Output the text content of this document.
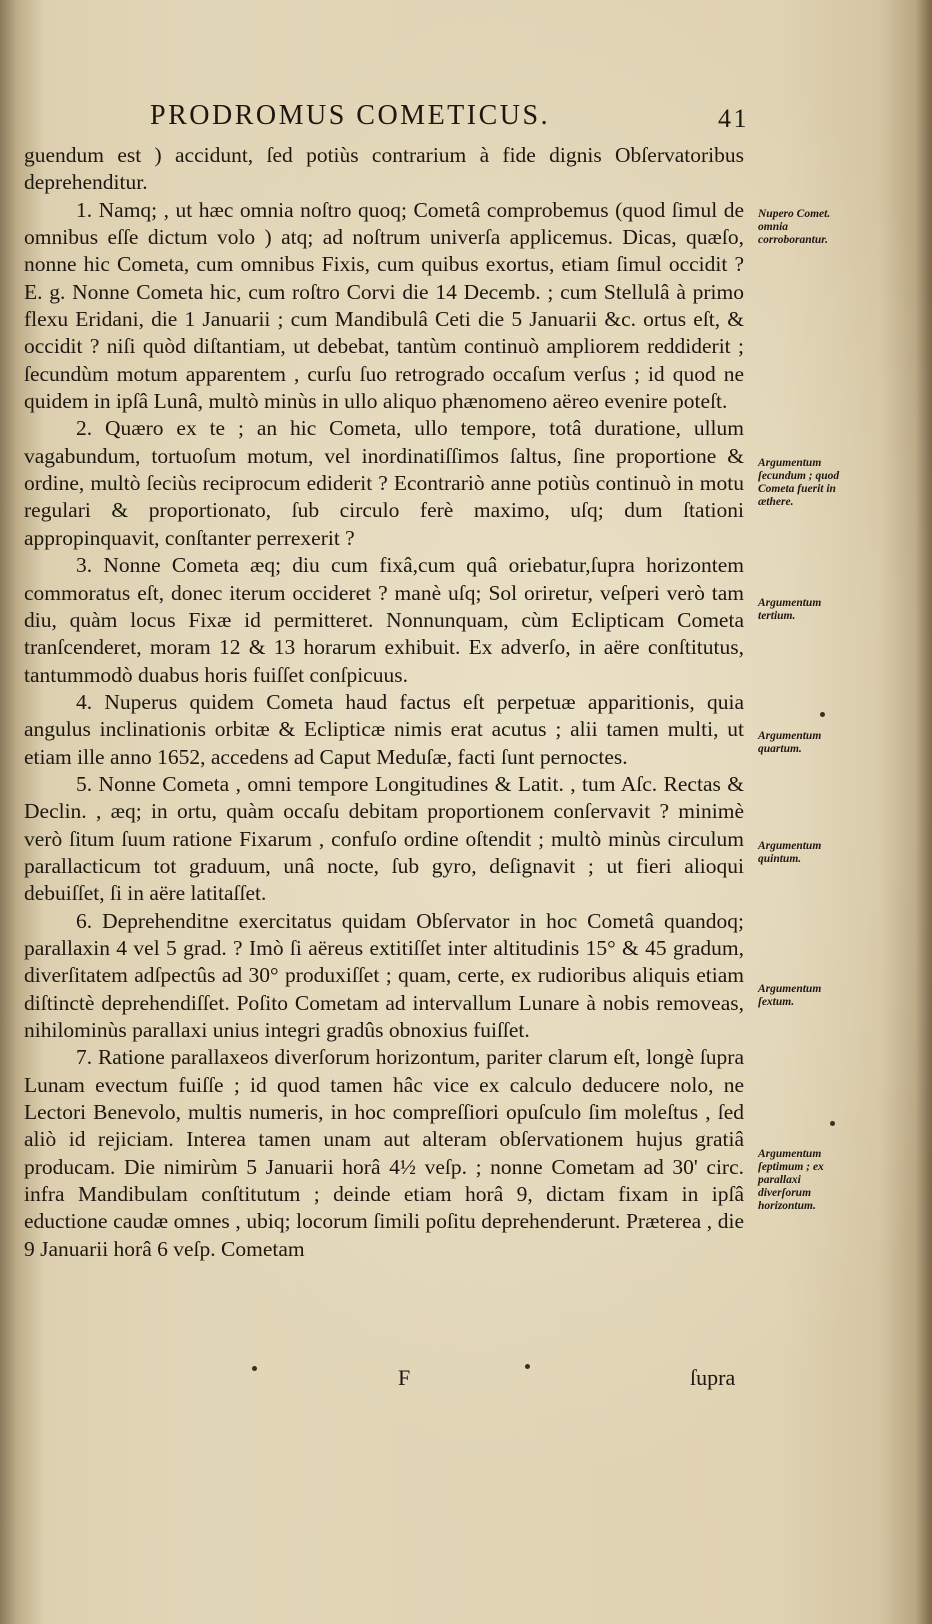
PRODROMUS COMETICUS.	41

guendum est ) accidunt, ſed potiùs contrarium à fide dignis Obſervatoribus deprehenditur.

1. Namq; , ut hæc omnia noſtro quoq; Cometâ comprobemus (quod ſimul de omnibus eſſe dictum volo ) atq; ad noſtrum univerſa applicemus. Dicas, quæſo, nonne hic Cometa, cum omnibus Fixis, cum quibus exortus, etiam ſimul occidit ? E. g. Nonne Cometa hic, cum roſtro Corvi die 14 Decemb. ; cum Stellulâ à primo flexu Eridani, die 1 Januarii ; cum Mandibulâ Ceti die 5 Januarii &c. ortus eſt, & occidit ? niſi quòd diſtantiam, ut debebat, tantùm continuò ampliorem reddiderit ; ſecundùm motum apparentem , curſu ſuo retrogrado occaſum verſus ; id quod ne quidem in ipſâ Lunâ, multò minùs in ullo aliquo phænomeno aëreo evenire poteſt.

2. Quæro ex te ; an hic Cometa, ullo tempore, totâ duratione, ullum vagabundum, tortuoſum motum, vel inordinatiſſimos ſaltus, ſine proportione & ordine, multò ſeciùs reciprocum ediderit ? Econtrariò anne potiùs continuò in motu regulari & proportionato, ſub circulo ferè maximo, uſq; dum ſtationi appropinquavit, conſtanter perrexerit ?

3. Nonne Cometa æq; diu cum fixâ,cum quâ oriebatur,ſupra horizontem commoratus eſt, donec iterum occideret ? manè uſq; Sol oriretur, veſperi verò tam diu, quàm locus Fixæ id permitteret. Nonnunquam, cùm Eclipticam Cometa tranſcenderet, moram 12 & 13 horarum exhibuit. Ex adverſo, in aëre conſtitutus, tantummodò duabus horis fuiſſet conſpicuus.

4. Nuperus quidem Cometa haud factus eſt perpetuæ apparitionis, quia angulus inclinationis orbitæ & Eclipticæ nimis erat acutus ; alii tamen multi, ut etiam ille anno 1652, accedens ad Caput Meduſæ, facti ſunt pernoctes.

5. Nonne Cometa , omni tempore Longitudines & Latit. , tum Aſc. Rectas & Declin. , æq; in ortu, quàm occaſu debitam proportionem conſervavit ? minimè verò ſitum ſuum ratione Fixarum , confuſo ordine oſtendit ; multò minùs circulum parallacticum tot graduum, unâ nocte, ſub gyro, deſignavit ; ut fieri alioqui debuiſſet, ſi in aëre latitaſſet.

6. Deprehenditne exercitatus quidam Obſervator in hoc Cometâ quandoq; parallaxin 4 vel 5 grad. ? Imò ſi aëreus extitiſſet inter altitudinis 15° & 45 gradum, diverſitatem adſpectûs ad 30° produxiſſet ; quam, certe, ex rudioribus aliquis etiam diſtinctè deprehendiſſet. Poſito Cometam ad intervallum Lunare à nobis removeas, nihilominùs parallaxi unius integri gradûs obnoxius fuiſſet.

7. Ratione parallaxeos diverſorum horizontum, pariter clarum eſt, longè ſupra Lunam evectum fuiſſe ; id quod tamen hâc vice ex calculo deducere nolo, ne Lectori Benevolo, multis numeris, in hoc compreſſiori opuſculo ſim moleſtus , ſed aliò id rejiciam. Interea tamen unam aut alteram obſervationem hujus gratiâ producam. Die nimirùm 5 Januarii horâ 4½ veſp. ; nonne Cometam ad 30' circ. infra Mandibulam conſtitutum ; deinde etiam horâ 9, dictam fixam in ipſâ eductione caudæ omnes , ubiq; locorum ſimili poſitu deprehenderunt. Præterea , die 9 Januarii horâ 6 veſp. Cometam

Nupero Comet. omnia corroborantur.
Argumentum ſecundum ; quod Cometa fuerit in æthere.
Argumentum tertium.
Argumentum quartum.
Argumentum quintum.
Argumentum ſextum.
Argumentum ſeptimum ; ex parallaxi diverſorum horizontum.
F	ſupra
